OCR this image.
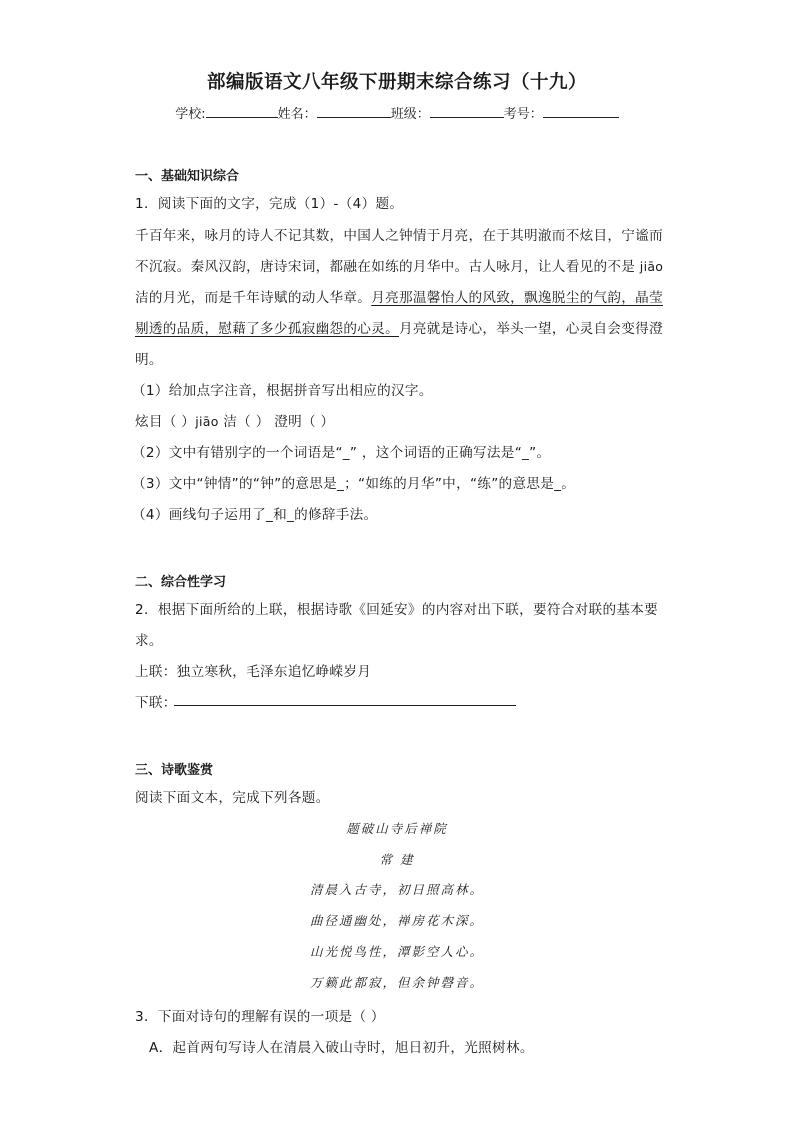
部编版语文八年级下册期末综合练习（十九）
学校:	姓名：	班级：	考号：
一、基础知识综合
1．阅读下面的文字，完成（1）-（4）题。
千百年来，咏月的诗人不记其数，中国人之钟情于月亮，在于其明澈而不炫目，宁谧而
不沉寂。秦风汉韵，唐诗宋词，都融在如练的月华中。古人咏月，让人看见的不是 jiāo
洁的月光，而是千年诗赋的动人华章。月亮那温馨怡人的风致，飘逸脱尘的气韵，晶莹
剔透的品质，慰藉了多少孤寂幽怨的心灵。月亮就是诗心，举头一望，心灵自会变得澄
明。
（1）给加点字注音，根据拼音写出相应的汉字。
炫目（ ）jiāo 洁（ ） 澄明（ ）
（2）文中有错别字的一个词语是“_” ，这个词语的正确写法是“_”。
（3）文中“钟情”的“钟”的意思是_；“如练的月华”中，“练”的意思是_。
（4）画线句子运用了_和_的修辞手法。
二、综合性学习
2．根据下面所给的上联，根据诗歌《回延安》的内容对出下联，要符合对联的基本要
求。
上联：独立寒秋，毛泽东追忆峥嵘岁月
下联：
三、诗歌鉴赏
阅读下面文本，完成下列各题。
题破山寺后禅院
常 建
清晨入古寺，初日照高林。
曲径通幽处，禅房花木深。
山光悦鸟性，潭影空人心。
万籁此都寂，但余钟磬音。
3．下面对诗句的理解有误的一项是（ ）
A．起首两句写诗人在清晨入破山寺时，旭日初升，光照树林。
